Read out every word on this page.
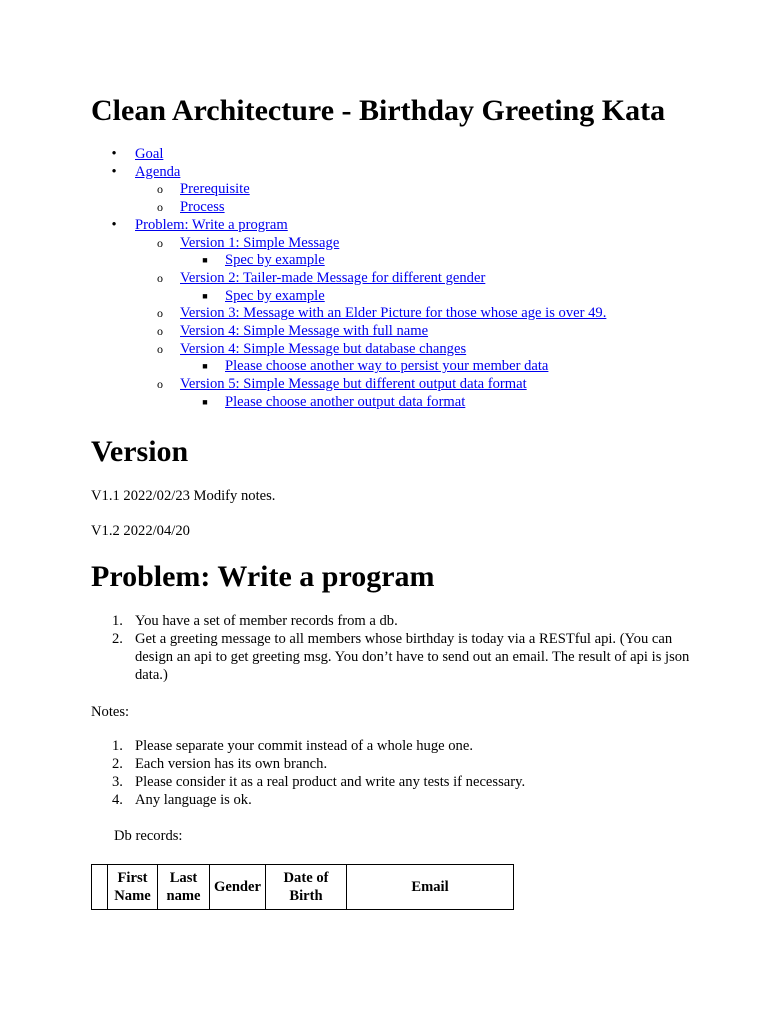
Clean Architecture - Birthday Greeting Kata
•	Goal
•	Agenda
o Prerequisite
o Process
•	Problem: Write a program
o Version 1: Simple Message
■ Spec by example
o Version 2: Tailer-made Message for different gender
■ Spec by example
o Version 3: Message with an Elder Picture for those whose age is over 49.
o Version 4: Simple Message with full name
o Version 4: Simple Message but database changes
■ Please choose another way to persist your member data
o Version 5: Simple Message but different output data format
■ Please choose another output data format
Version
V1.1 2022/02/23 Modify notes.
V1.2 2022/04/20
Problem: Write a program
1. You have a set of member records from a db.
2. Get a greeting message to all members whose birthday is today via a RESTful api. (You can design an api to get greeting msg. You don’t have to send out an email. The result of api is json data.)
Notes:
1. Please separate your commit instead of a whole huge one.
2. Each version has its own branch.
3. Please consider it as a real product and write any tests if necessary.
4. Any language is ok.
Db records:
	First Name	Last name	Gender	Date of Birth	Email
